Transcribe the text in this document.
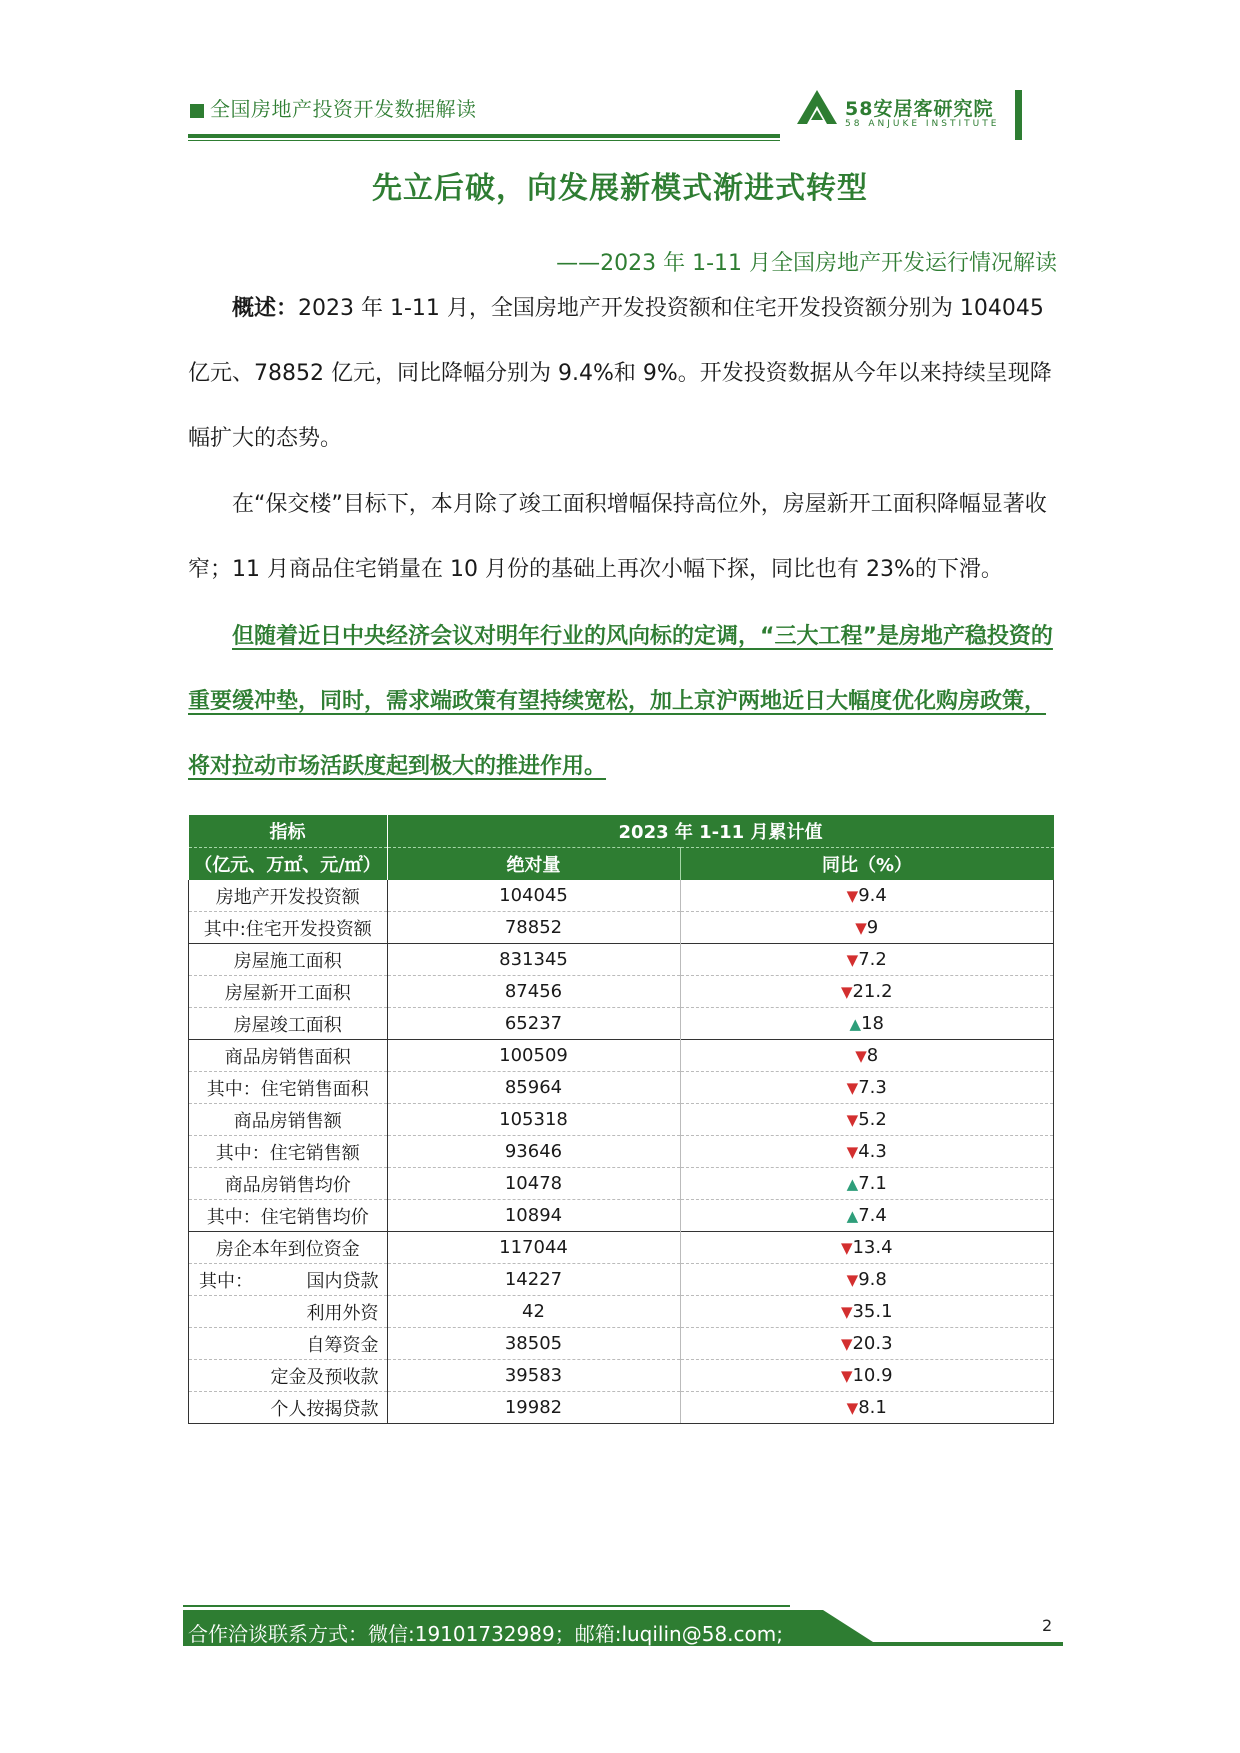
全国房地产投资开发数据解读	58安居客研究院
58 ANJUKE INSTITUTE
先立后破，向发展新模式渐进式转型
——2023 年 1-11 月全国房地产开发运行情况解读
概述：2023 年 1-11 月，全国房地产开发投资额和住宅开发投资额分别为 104045 亿元、78852 亿元，同比降幅分别为 9.4%和 9%。开发投资数据从今年以来持续呈现降幅扩大的态势。
在“保交楼”目标下，本月除了竣工面积增幅保持高位外，房屋新开工面积降幅显著收窄；11 月商品住宅销量在 10 月份的基础上再次小幅下探，同比也有 23%的下滑。
但随着近日中央经济会议对明年行业的风向标的定调，“三大工程”是房地产稳投资的重要缓冲垫，同时，需求端政策有望持续宽松，加上京沪两地近日大幅度优化购房政策，将对拉动市场活跃度起到极大的推进作用。
指标	2023 年 1-11 月累计值	
（亿元、万㎡、元/㎡）	绝对量	同比（%）
房地产开发投资额	104045	▼9.4
其中:住宅开发投资额	78852	▼9
房屋施工面积	831345	▼7.2
房屋新开工面积	87456	▼21.2
房屋竣工面积	65237	▲18
商品房销售面积	100509	▼8
其中：住宅销售面积	85964	▼7.3
商品房销售额	105318	▼5.2
其中：住宅销售额	93646	▼4.3
商品房销售均价	10478	▲7.1
其中：住宅销售均价	10894	▲7.4
房企本年到位资金	117044	▼13.4

其中： 国内贷款	14227	▼9.8
利用外资	42	▼35.1
自筹资金	38505	▼20.3
定金及预收款	39583	▼10.9
个人按揭贷款	19982	▼8.1
合作洽谈联系方式：微信:19101732989；邮箱:luqilin@58.com;	2
